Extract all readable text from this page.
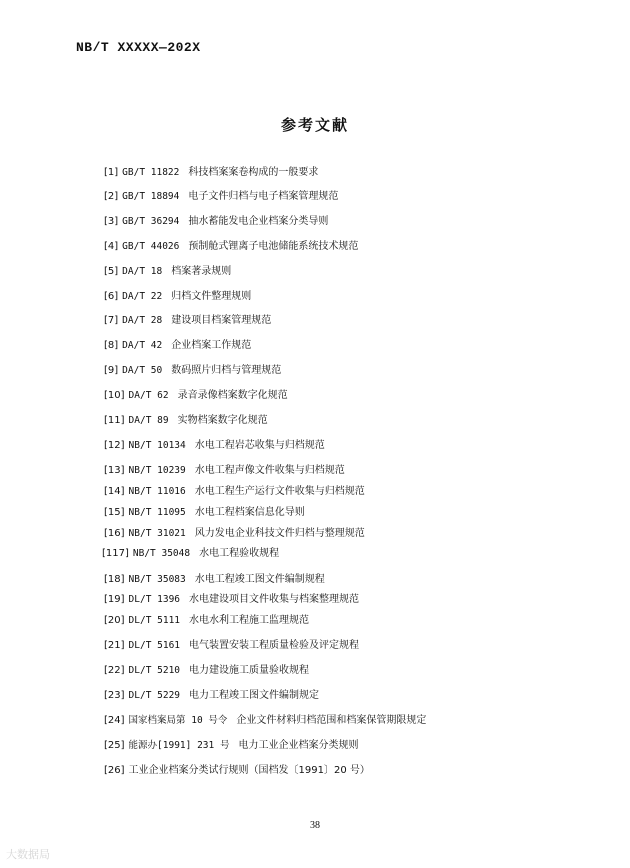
NB/T XXXXX—202X
参考文献
[1] GB/T 11822 科技档案案卷构成的一般要求
[2] GB/T 18894 电子文件归档与电子档案管理规范
[3] GB/T 36294 抽水蓄能发电企业档案分类导则
[4] GB/T 44026 预制舱式锂离子电池储能系统技术规范
[5] DA/T 18 档案著录规则
[6] DA/T 22 归档文件整理规则
[7] DA/T 28 建设项目档案管理规范
[8] DA/T 42 企业档案工作规范
[9] DA/T 50 数码照片归档与管理规范
[10] DA/T 62 录音录像档案数字化规范
[11] DA/T 89 实物档案数字化规范
[12] NB/T 10134 水电工程岩芯收集与归档规范
[13] NB/T 10239 水电工程声像文件收集与归档规范
[14] NB/T 11016 水电工程生产运行文件收集与归档规范
[15] NB/T 11095 水电工程档案信息化导则
[16] NB/T 31021 风力发电企业科技文件归档与整理规范
[117] NB/T 35048 水电工程验收规程
[18] NB/T 35083 水电工程竣工图文件编制规程
[19] DL/T 1396 水电建设项目文件收集与档案整理规范
[20] DL/T 5111 水电水利工程施工监理规范
[21] DL/T 5161 电气装置安装工程质量检验及评定规程
[22] DL/T 5210 电力建设施工质量验收规程
[23] DL/T 5229 电力工程竣工图文件编制规定
[24] 国家档案局第 10 号令 企业文件材料归档范围和档案保管期限规定
[25] 能源办[1991] 231 号 电力工业企业档案分类规则
[26] 工业企业档案分类试行规则（国档发〔1991〕20 号）
38
大数据局
